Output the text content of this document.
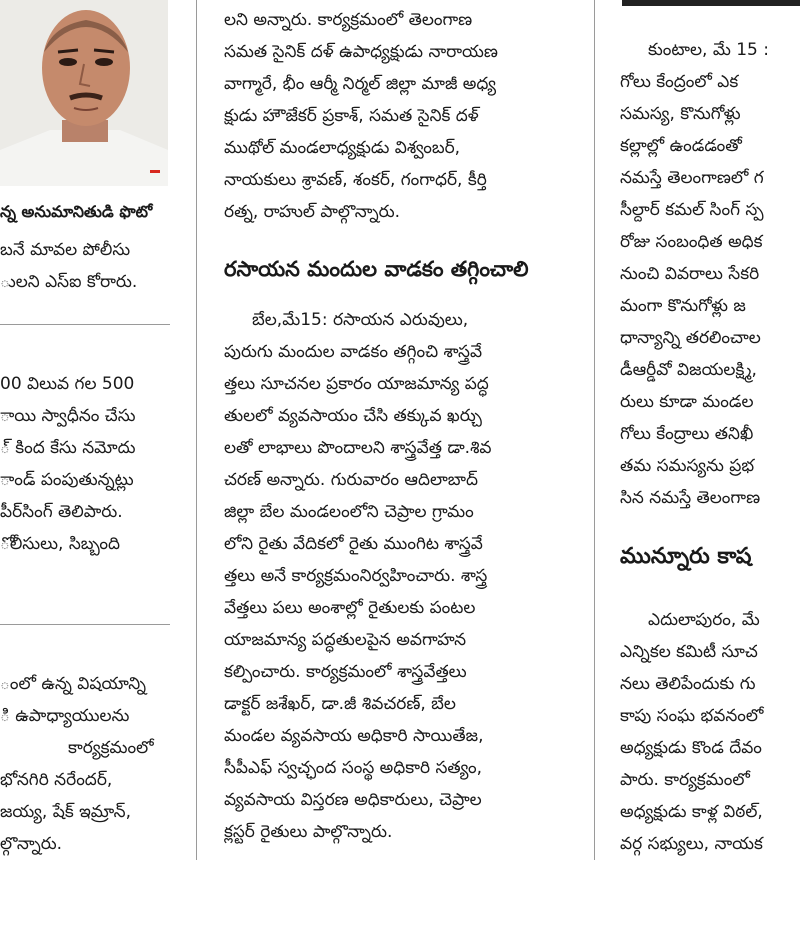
న్న అనుమానితుడి ఫొటో
బనే మావల పోలీసు
ులని ఎస్‌ఐ కోరారు.
00 విలువ గల 500
ాయి స్వాధీనం చేసు
్ కింద కేసు నమోదు
ాండ్ పంపుతున్నట్లు
పీర్‌సింగ్ తెలిపారు.
ోలీసులు, సిబ్బంది
ంలో ఉన్న విషయాన్ని
ి ఉపాధ్యాయులను
కార్యక్రమంలో
భోనగిరి నరేందర్,
జయ్య, షేక్ ఇమ్రాన్,
ల్గొన్నారు.
లని అన్నారు. కార్యక్రమంలో తెలంగాణ
సమత సైనిక్ దళ్ ఉపాధ్యక్షుడు నారాయణ
వాగ్మారే, భీం ఆర్మీ నిర్మల్ జిల్లా మాజీ అధ్య
క్షుడు హౌజేకర్ ప్రకాశ్, సమత సైనిక్ దళ్
ముథోల్ మండలాధ్యక్షుడు విశ్వంబర్,
నాయకులు శ్రావణ్, శంకర్, గంగాధర్, కీర్తి
రత్న, రాహుల్ పాల్గొన్నారు.
రసాయన మందుల వాడకం తగ్గించాలి
బేల,మే15: రసాయన ఎరువులు,
పురుగు మందుల వాడకం తగ్గించి శాస్త్రవే
త్తలు సూచనల ప్రకారం యాజమాన్య పద్ధ
తులలో వ్యవసాయం చేసి తక్కువ ఖర్చు
లతో లాభాలు పొందాలని శాస్త్రవేత్త డా.శివ
చరణ్ అన్నారు. గురువారం ఆదిలాబాద్
జిల్లా బేల మండలంలోని చెప్రాల గ్రామం
లోని రైతు వేదికలో రైతు ముంగిట శాస్త్రవే
త్తలు అనే కార్యక్రమంనిర్వహించారు. శాస్త్ర
వేత్తలు పలు అంశాల్లో రైతులకు పంటల
యాజమాన్య పద్ధతులపైన అవగాహన
కల్పించారు. కార్యక్రమంలో శాస్త్రవేత్తలు
డాక్టర్ జశేఖర్, డా.జీ శివచరణ్, బేల
మండల వ్యవసాయ అధికారి సాయితేజ,
సీపీఎఫ్ స్వచ్ఛంద సంస్థ అధికారి సత్యం,
వ్యవసాయ విస్తరణ అధికారులు, చెప్రాల
క్లస్టర్ రైతులు పాల్గొన్నారు.
కుంటాల, మే 15 :
గోలు కేంద్రంలో ఎక
సమస్య, కొనుగోళ్లు
కల్లాల్లో ఉండడంతో
నమస్తే తెలంగాణలో గ
సీల్దార్ కమల్ సింగ్ స్ప
రోజు సంబంధిత అధిక
నుంచి వివరాలు సేకరి
మంగా కొనుగోళ్లు జ
ధాన్యాన్ని తరలించాల
డీఆర్డీవో విజయలక్ష్మి,
రులు కూడా మండల
గోలు కేంద్రాలు తనిఖీ
తమ సమస్యను ప్రభ
సిన నమస్తే తెలంగాణ
మున్నూరు కాష
ఎదులాపురం, మే
ఎన్నికల కమిటీ సూచ
నలు తెలిపేందుకు గు
కాపు సంఘ భవనంలో
అధ్యక్షుడు కొండ దేవం
పారు. కార్యక్రమంలో
అధ్యక్షుడు కాళ్ల విఠల్,
వర్గ సభ్యులు, నాయక
